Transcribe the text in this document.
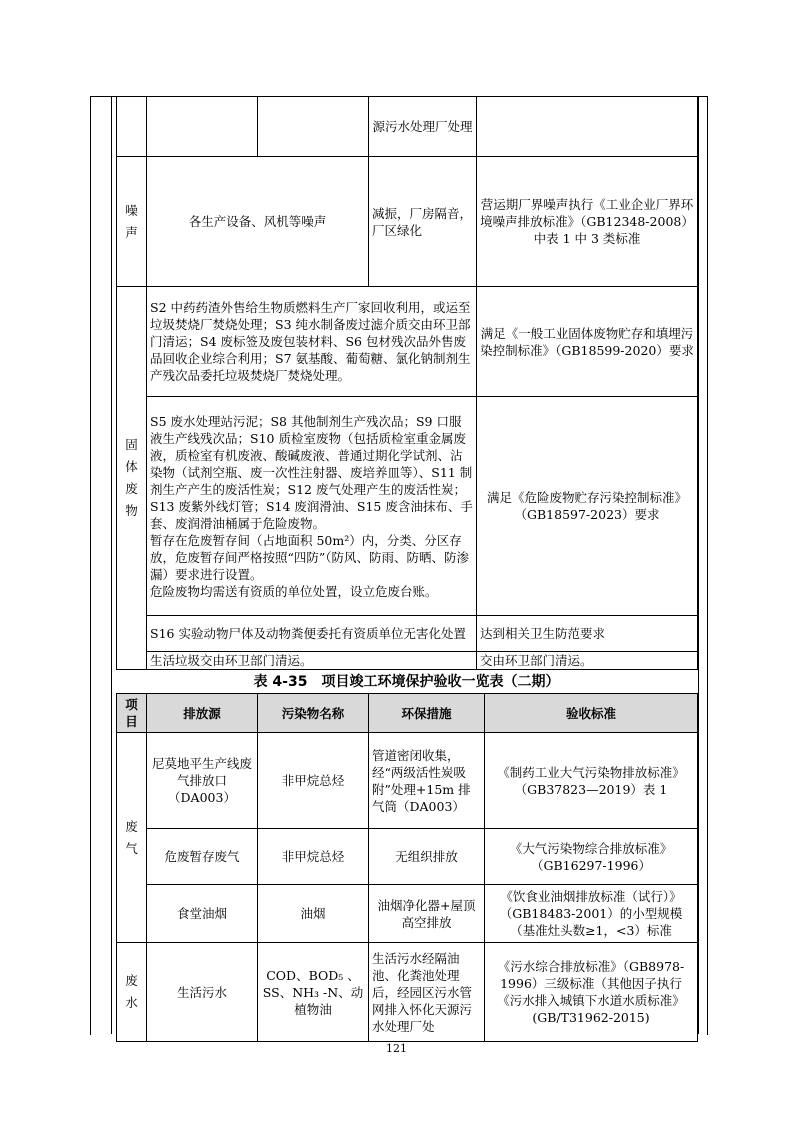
			源污水处理厂处理	
噪声	各生产设备、风机等噪声		减振，厂房隔音，厂区绿化	营运期厂界噪声执行《工业企业厂界环境噪声排放标准》（GB12348-2008）中表 1 中 3 类标准
固体废物	S2 中药药渣外售给生物质燃料生产厂家回收利用，或运至垃圾焚烧厂焚烧处理；S3 纯水制备废过滤介质交由环卫部门清运；S4 废标签及废包装材料、S6 包材残次品外售废品回收企业综合利用；S7 氨基酸、葡萄糖、氯化钠制剂生产残次品委托垃圾焚烧厂焚烧处理。			满足《一般工业固体废物贮存和填埋污染控制标准》（GB18599-2020）要求
	S5 废水处理站污泥；S8 其他制剂生产残次品；S9 口服液生产线残次品；S10 质检室废物（包括质检室重金属废液，质检室有机废液、酸碱废液、普通过期化学试剂、沾染物（试剂空瓶、废一次性注射器、废培养皿等）、S11 制剂生产产生的废活性炭；S12 废气处理产生的废活性炭；S13 废紫外线灯管；S14 废润滑油、S15 废含油抹布、手套、废润滑油桶属于危险废物。
暂存在危废暂存间（占地面积 50m²）内，分类、分区存放，危废暂存间严格按照“四防”（防风、防雨、防晒、防渗漏）要求进行设置。
危险废物均需送有资质的单位处置，设立危废台账。			满足《危险废物贮存污染控制标准》（GB18597-2023）要求
	S16 实验动物尸体及动物粪便委托有资质单位无害化处置			达到相关卫生防范要求
	生活垃圾交由环卫部门清运。			交由环卫部门清运。
表 4-35　项目竣工环境保护验收一览表（二期）
项目	排放源	污染物名称	环保措施	验收标准
废气	尼莫地平生产线废气排放口（DA003）	非甲烷总烃	管道密闭收集，经“两级活性炭吸附”处理+15m 排气筒（DA003）	《制药工业大气污染物排放标准》（GB37823—2019）表 1
	危废暂存废气	非甲烷总烃	无组织排放	《大气污染物综合排放标准》（GB16297-1996）
	食堂油烟	油烟	油烟净化器+屋顶高空排放	《饮食业油烟排放标准（试行）》（GB18483-2001）的小型规模（基准灶头数≥1，<3）标准
废水	生活污水	COD、BOD₅ 、SS、NH₃ -N、动植物油	生活污水经隔油池、化粪池处理后，经园区污水管网排入怀化天源污水处理厂处	《污水综合排放标准》（GB8978-1996）三级标准（其他因子执行《污水排入城镇下水道水质标准》(GB/T31962-2015)
121
